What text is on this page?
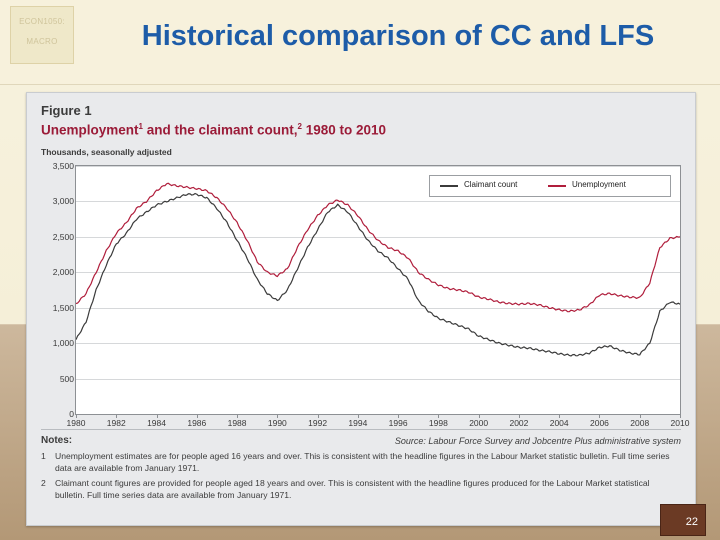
ECON1050:
MACRO	Historical comparison of CC and LFS
Figure 1
Unemployment$^1$ and the claimant count,$^2$ 1980 to 2010
Thousands, seasonally adjusted
0
500
1,000
1,500
2,000
2,500
3,000
3,500
1980	1982	1984	1986	1988	1990	1992	1994	1996	1998	2000	2002	2004	2006	2008	2010
Claimant count	Unemployment
Notes:	Source: Labour Force Survey and Jobcentre Plus administrative system
1	Unemployment estimates are for people aged 16 years and over. This is consistent with the headline figures in the Labour Market statistic bulletin. Full time series data are available from January 1971.
2	Claimant count figures are provided for people aged 18 years and over. This is consistent with the headline figures produced for the Labour Market statistical bulletin. Full time series data are available from January 1971.
22
